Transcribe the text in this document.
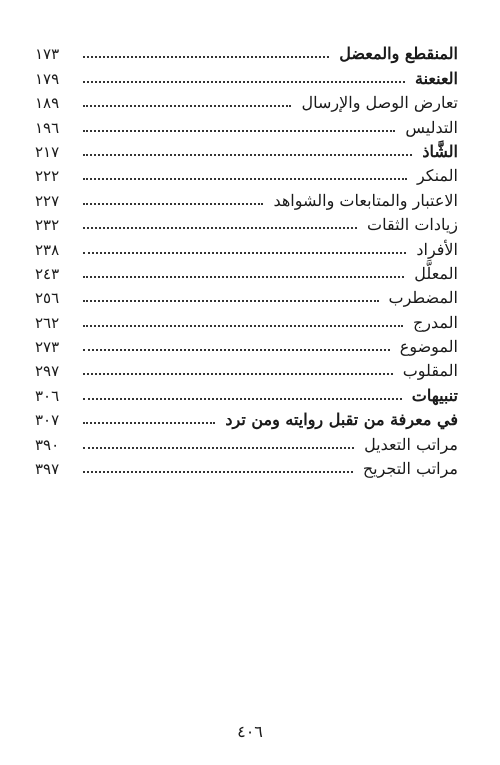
المنقطع والمعضل
١٧٣
العنعنة
١٧٩
تعارض الوصل والإرسال
١٨٩
التدليس
١٩٦
الشَّاذ
٢١٧
المنكر
٢٢٢
الاعتبار والمتابعات والشواهد
٢٢٧
زيادات الثقات
٢٣٢
الأفراد
٢٣٨
المعلَّل
٢٤٣
المضطرب
٢٥٦
المدرج
٢٦٢
الموضوع
٢٧٣
المقلوب
٢٩٧
تنبيهات
٣٠٦
في معرفة من تقبل روايته ومن ترد
٣٠٧
مراتب التعديل
٣٩٠
مراتب التجريح
٣٩٧
٤٠٦
